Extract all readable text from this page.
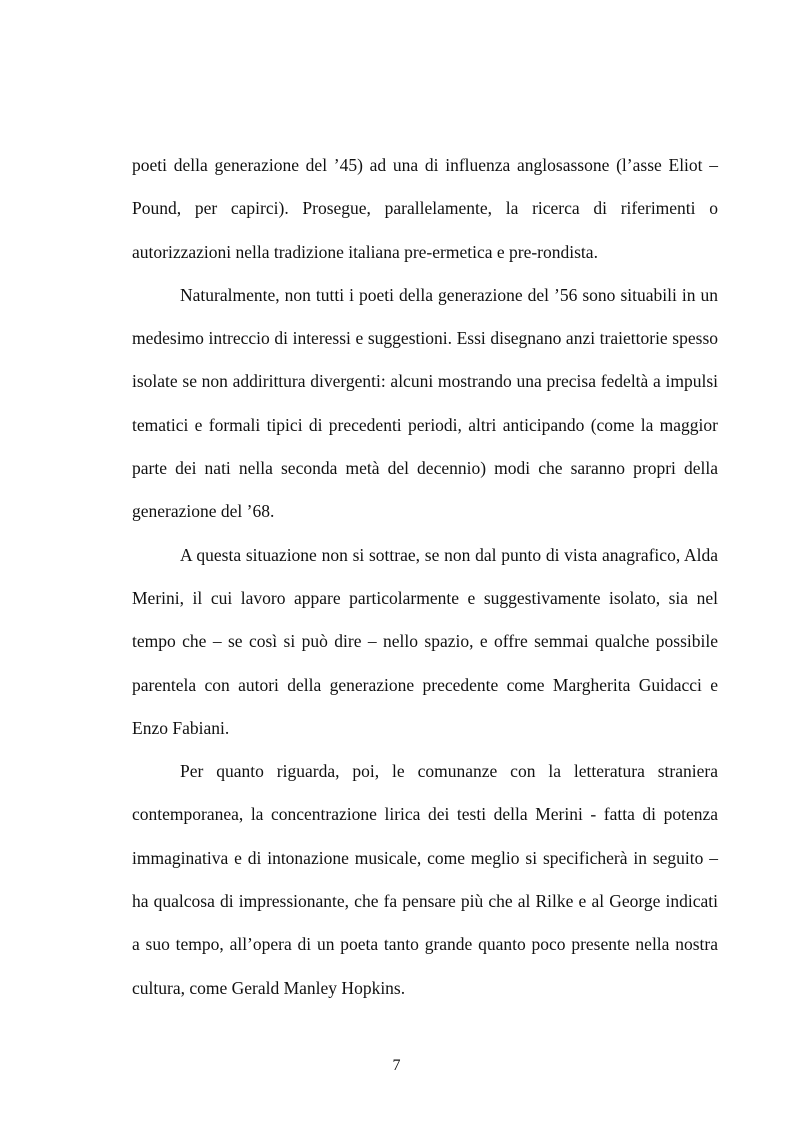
poeti della generazione del ’45) ad una di influenza anglosassone (l’asse Eliot – Pound, per capirci). Prosegue, parallelamente, la ricerca di riferimenti o autorizzazioni nella tradizione italiana pre-ermetica e pre-rondista.

Naturalmente, non tutti i poeti della generazione del ’56 sono situabili in un medesimo intreccio di interessi e suggestioni. Essi disegnano anzi traiettorie spesso isolate se non addirittura divergenti: alcuni mostrando una precisa fedeltà a impulsi tematici e formali tipici di precedenti periodi, altri anticipando (come la maggior parte dei nati nella seconda metà del decennio) modi che saranno propri della generazione del ’68.

A questa situazione non si sottrae, se non dal punto di vista anagrafico, Alda Merini, il cui lavoro appare particolarmente e suggestivamente isolato, sia nel tempo che – se così si può dire – nello spazio, e offre semmai qualche possibile parentela con autori della generazione precedente come Margherita Guidacci e Enzo Fabiani.

Per quanto riguarda, poi, le comunanze con la letteratura straniera contemporanea, la concentrazione lirica dei testi della Merini - fatta di potenza immaginativa e di intonazione musicale, come meglio si specificherà in seguito – ha qualcosa di impressionante, che fa pensare più che al Rilke e al George indicati a suo tempo, all’opera di un poeta tanto grande quanto poco presente nella nostra cultura, come Gerald Manley Hopkins.

7
